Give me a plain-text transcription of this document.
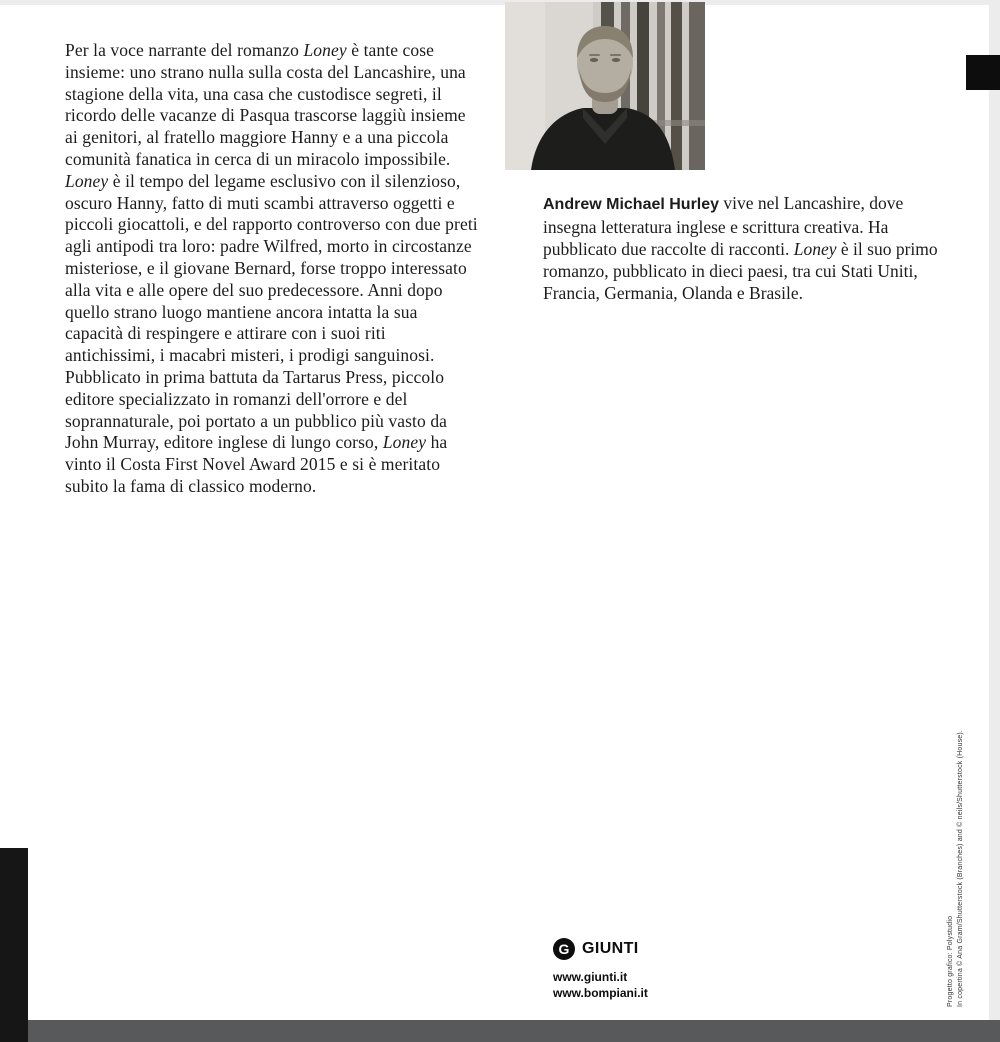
Per la voce narrante del romanzo Loney è tante cose insieme: uno strano nulla sulla costa del Lancashire, una stagione della vita, una casa che custodisce segreti, il ricordo delle vacanze di Pasqua trascorse laggiù insieme ai genitori, al fratello maggiore Hanny e a una piccola comunità fanatica in cerca di un miracolo impossibile. Loney è il tempo del legame esclusivo con il silenzioso, oscuro Hanny, fatto di muti scambi attraverso oggetti e piccoli giocattoli, e del rapporto controverso con due preti agli antipodi tra loro: padre Wilfred, morto in circostanze misteriose, e il giovane Bernard, forse troppo interessato alla vita e alle opere del suo predecessore. Anni dopo quello strano luogo mantiene ancora intatta la sua capacità di respingere e attirare con i suoi riti antichissimi, i macabri misteri, i prodigi sanguinosi. Pubblicato in prima battuta da Tartarus Press, piccolo editore specializzato in romanzi dell'orrore e del soprannaturale, poi portato a un pubblico più vasto da John Murray, editore inglese di lungo corso, Loney ha vinto il Costa First Novel Award 2015 e si è meritato subito la fama di classico moderno.

Andrew Michael Hurley vive nel Lancashire, dove insegna letteratura inglese e scrittura creativa. Ha pubblicato due raccolte di racconti. Loney è il suo primo romanzo, pubblicato in dieci paesi, tra cui Stati Uniti, Francia, Germania, Olanda e Brasile.

G GIUNTI
www.giunti.it
www.bompiani.it	In copertina © Ana Gram/Shutterstock (Branches) and © neils/Shutterstock (House).
Progetto grafico: Polystudio
